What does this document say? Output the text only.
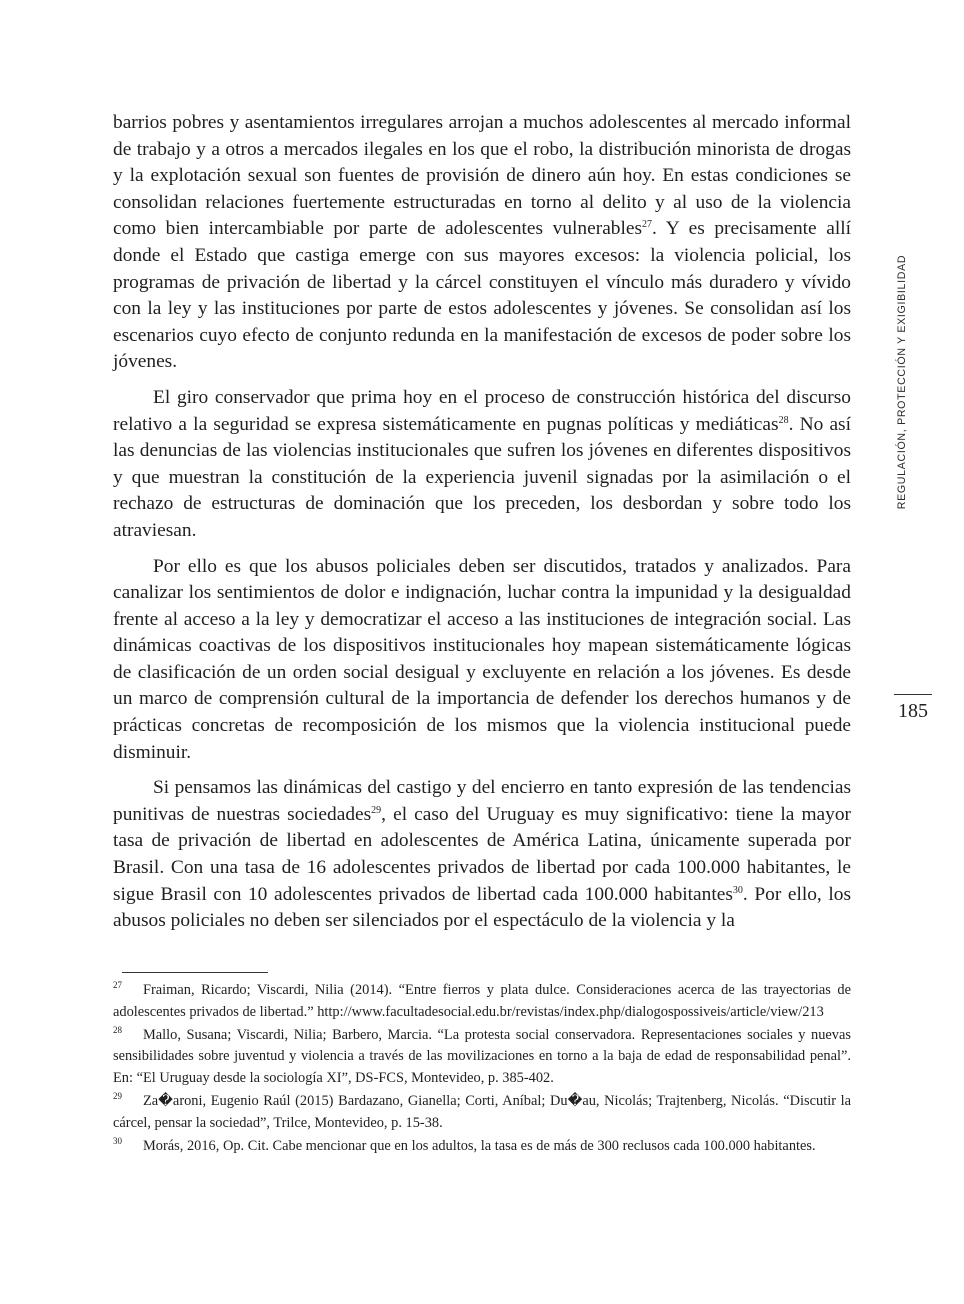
barrios pobres y asentamientos irregulares arrojan a muchos adolescentes al mercado informal de trabajo y a otros a mercados ilegales en los que el robo, la distribución minorista de drogas y la explotación sexual son fuentes de provisión de dinero aún hoy. En estas condiciones se consolidan relaciones fuertemente estructuradas en torno al delito y al uso de la violencia como bien intercambiable por parte de adolescentes vulnerables$^{27}$. Y es precisamente allí donde el Estado que castiga emerge con sus mayores excesos: la violencia policial, los programas de privación de libertad y la cárcel constituyen el vínculo más duradero y vívido con la ley y las instituciones por parte de estos adolescentes y jóvenes. Se consolidan así los escenarios cuyo efecto de conjunto redunda en la manifestación de excesos de poder sobre los jóvenes.

El giro conservador que prima hoy en el proceso de construcción histórica del discurso relativo a la seguridad se expresa sistemáticamente en pugnas políticas y mediáticas$^{28}$. No así las denuncias de las violencias institucionales que sufren los jóvenes en diferentes dispositivos y que muestran la constitución de la experiencia juvenil signadas por la asimilación o el rechazo de estructuras de dominación que los preceden, los desbordan y sobre todo los atraviesan.

Por ello es que los abusos policiales deben ser discutidos, tratados y analizados. Para canalizar los sentimientos de dolor e indignación, luchar contra la impunidad y la desigualdad frente al acceso a la ley y democratizar el acceso a las instituciones de integración social. Las dinámicas coactivas de los dispositivos institucionales hoy mapean sistemáticamente lógicas de clasificación de un orden social desigual y excluyente en relación a los jóvenes. Es desde un marco de comprensión cultural de la importancia de defender los derechos humanos y de prácticas concretas de recomposición de los mismos que la violencia institucional puede disminuir.

Si pensamos las dinámicas del castigo y del encierro en tanto expresión de las tendencias punitivas de nuestras sociedades$^{29}$, el caso del Uruguay es muy significativo: tiene la mayor tasa de privación de libertad en adolescentes de América Latina, únicamente superada por Brasil. Con una tasa de 16 adolescentes privados de libertad por cada 100.000 habitantes, le sigue Brasil con 10 adolescentes privados de libertad cada 100.000 habitantes$^{30}$. Por ello, los abusos policiales no deben ser silenciados por el espectáculo de la violencia y la

REGULACIÓN, PROTECCIÓN Y EXIGIBILIDAD
185
27 Fraiman, Ricardo; Viscardi, Nilia (2014). “Entre fierros y plata dulce. Consideraciones acerca de las trayectorias de adolescentes privados de libertad.” http://www.facultadesocial.edu.br/revistas/index.php/dialogospossiveis/article/view/213
28 Mallo, Susana; Viscardi, Nilia; Barbero, Marcia. “La protesta social conservadora. Representaciones sociales y nuevas sensibilidades sobre juventud y violencia a través de las movilizaciones en torno a la baja de edad de responsabilidad penal”. En: “El Uruguay desde la sociología XI”, DS-FCS, Montevideo, p. 385-402.
29 Za�aroni, Eugenio Raúl (2015) Bardazano, Gianella; Corti, Aníbal; Du�au, Nicolás; Trajtenberg, Nicolás. “Discutir la cárcel, pensar la sociedad”, Trilce, Montevideo, p. 15-38.
30 Morás, 2016, Op. Cit. Cabe mencionar que en los adultos, la tasa es de más de 300 reclusos cada 100.000 habitantes.
